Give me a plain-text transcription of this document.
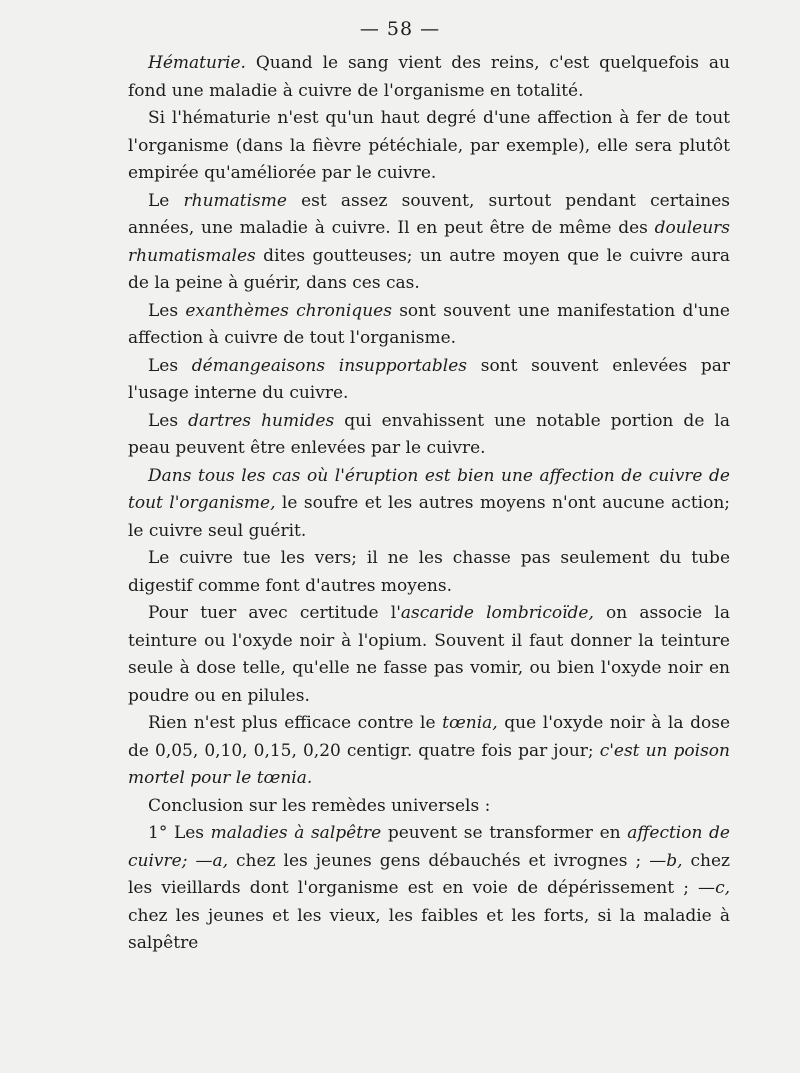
— 58 —

Hématurie. Quand le sang vient des reins, c'est quelquefois au fond une maladie à cuivre de l'organisme en totalité.

Si l'hématurie n'est qu'un haut degré d'une affection à fer de tout l'organisme (dans la fièvre pétéchiale, par exemple), elle sera plutôt empirée qu'améliorée par le cuivre.

Le rhumatisme est assez souvent, surtout pendant certaines années, une maladie à cuivre. Il en peut être de même des douleurs rhumatismales dites goutteuses; un autre moyen que le cuivre aura de la peine à guérir, dans ces cas.

Les exanthèmes chroniques sont souvent une manifestation d'une affection à cuivre de tout l'organisme.

Les démangeaisons insupportables sont souvent enlevées par l'usage interne du cuivre.

Les dartres humides qui envahissent une notable portion de la peau peuvent être enlevées par le cuivre.

Dans tous les cas où l'éruption est bien une affection de cuivre de tout l'organisme, le soufre et les autres moyens n'ont aucune action; le cuivre seul guérit.

Le cuivre tue les vers; il ne les chasse pas seulement du tube digestif comme font d'autres moyens.

Pour tuer avec certitude l'ascaride lombricoïde, on associe la teinture ou l'oxyde noir à l'opium. Souvent il faut donner la teinture seule à dose telle, qu'elle ne fasse pas vomir, ou bien l'oxyde noir en poudre ou en pilules.

Rien n'est plus efficace contre le tœnia, que l'oxyde noir à la dose de 0,05, 0,10, 0,15, 0,20 centigr. quatre fois par jour; c'est un poison mortel pour le tœnia.

Conclusion sur les remèdes universels :

1° Les maladies à salpêtre peuvent se transformer en affection de cuivre; —a, chez les jeunes gens débauchés et ivrognes ; —b, chez les vieillards dont l'organisme est en voie de dépérissement ; —c, chez les jeunes et les vieux, les faibles et les forts, si la maladie à salpêtre
